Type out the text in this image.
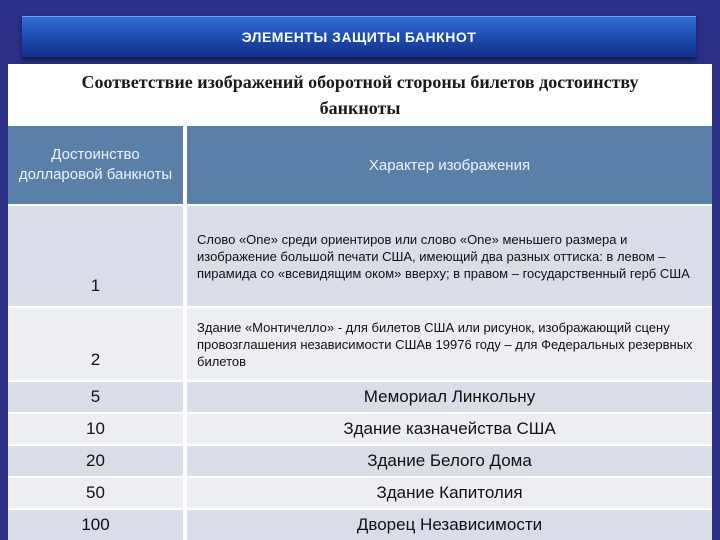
ЭЛЕМЕНТЫ ЗАЩИТЫ БАНКНОТ
Соответствие изображений оборотной стороны билетов достоинству банкноты
Достоинство долларовой банкноты	Характер изображения
1	Слово «One» среди ориентиров или слово «One» меньшего размера и изображение большой печати США, имеющий два разных оттиска: в левом – пирамида со «всевидящим оком» вверху; в правом – государственный герб США
2	Здание «Монтичелло» - для билетов США или рисунок, изображающий сцену провозглашения независимости СШАв 19976 году – для Федеральных резервных билетов
5	Мемориал Линкольну
10	Здание казначейства США
20	Здание Белого Дома
50	Здание Капитолия
100	Дворец Независимости
